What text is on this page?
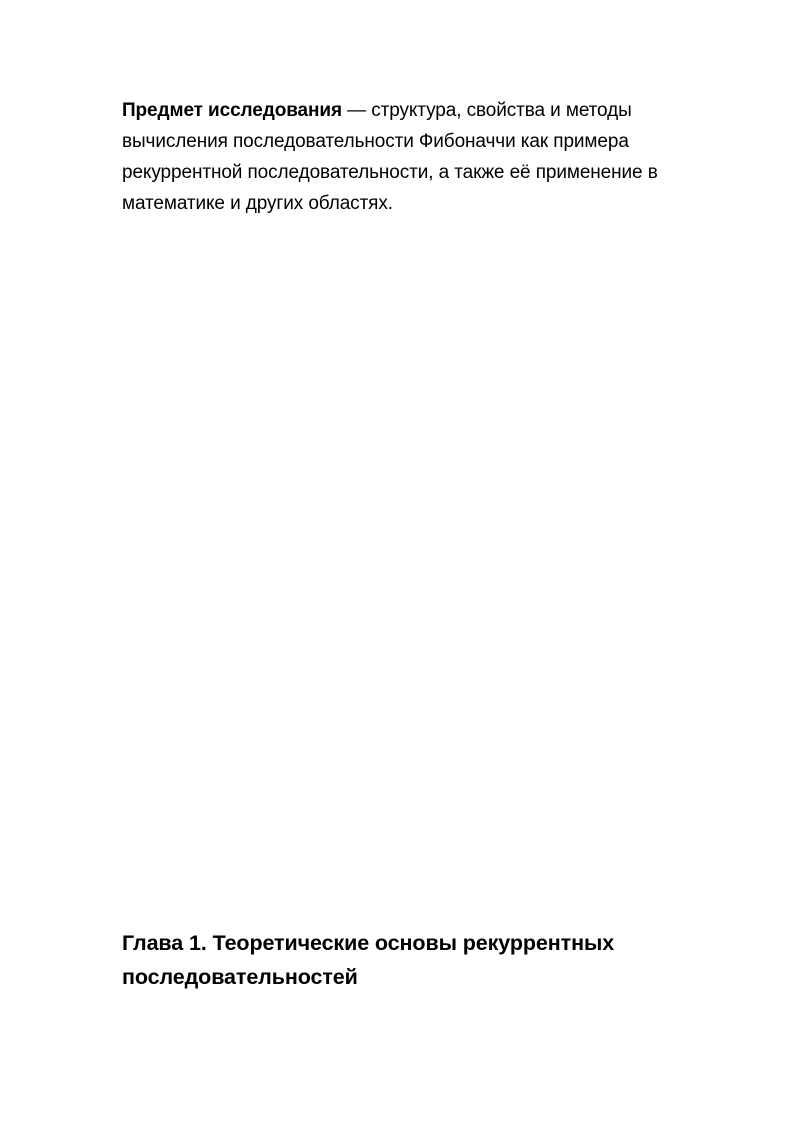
Предмет исследования — структура, свойства и методы вычисления последовательности Фибоначчи как примера рекуррентной последовательности, а также её применение в математике и других областях.

Глава 1. Теоретические основы рекуррентных последовательностей
